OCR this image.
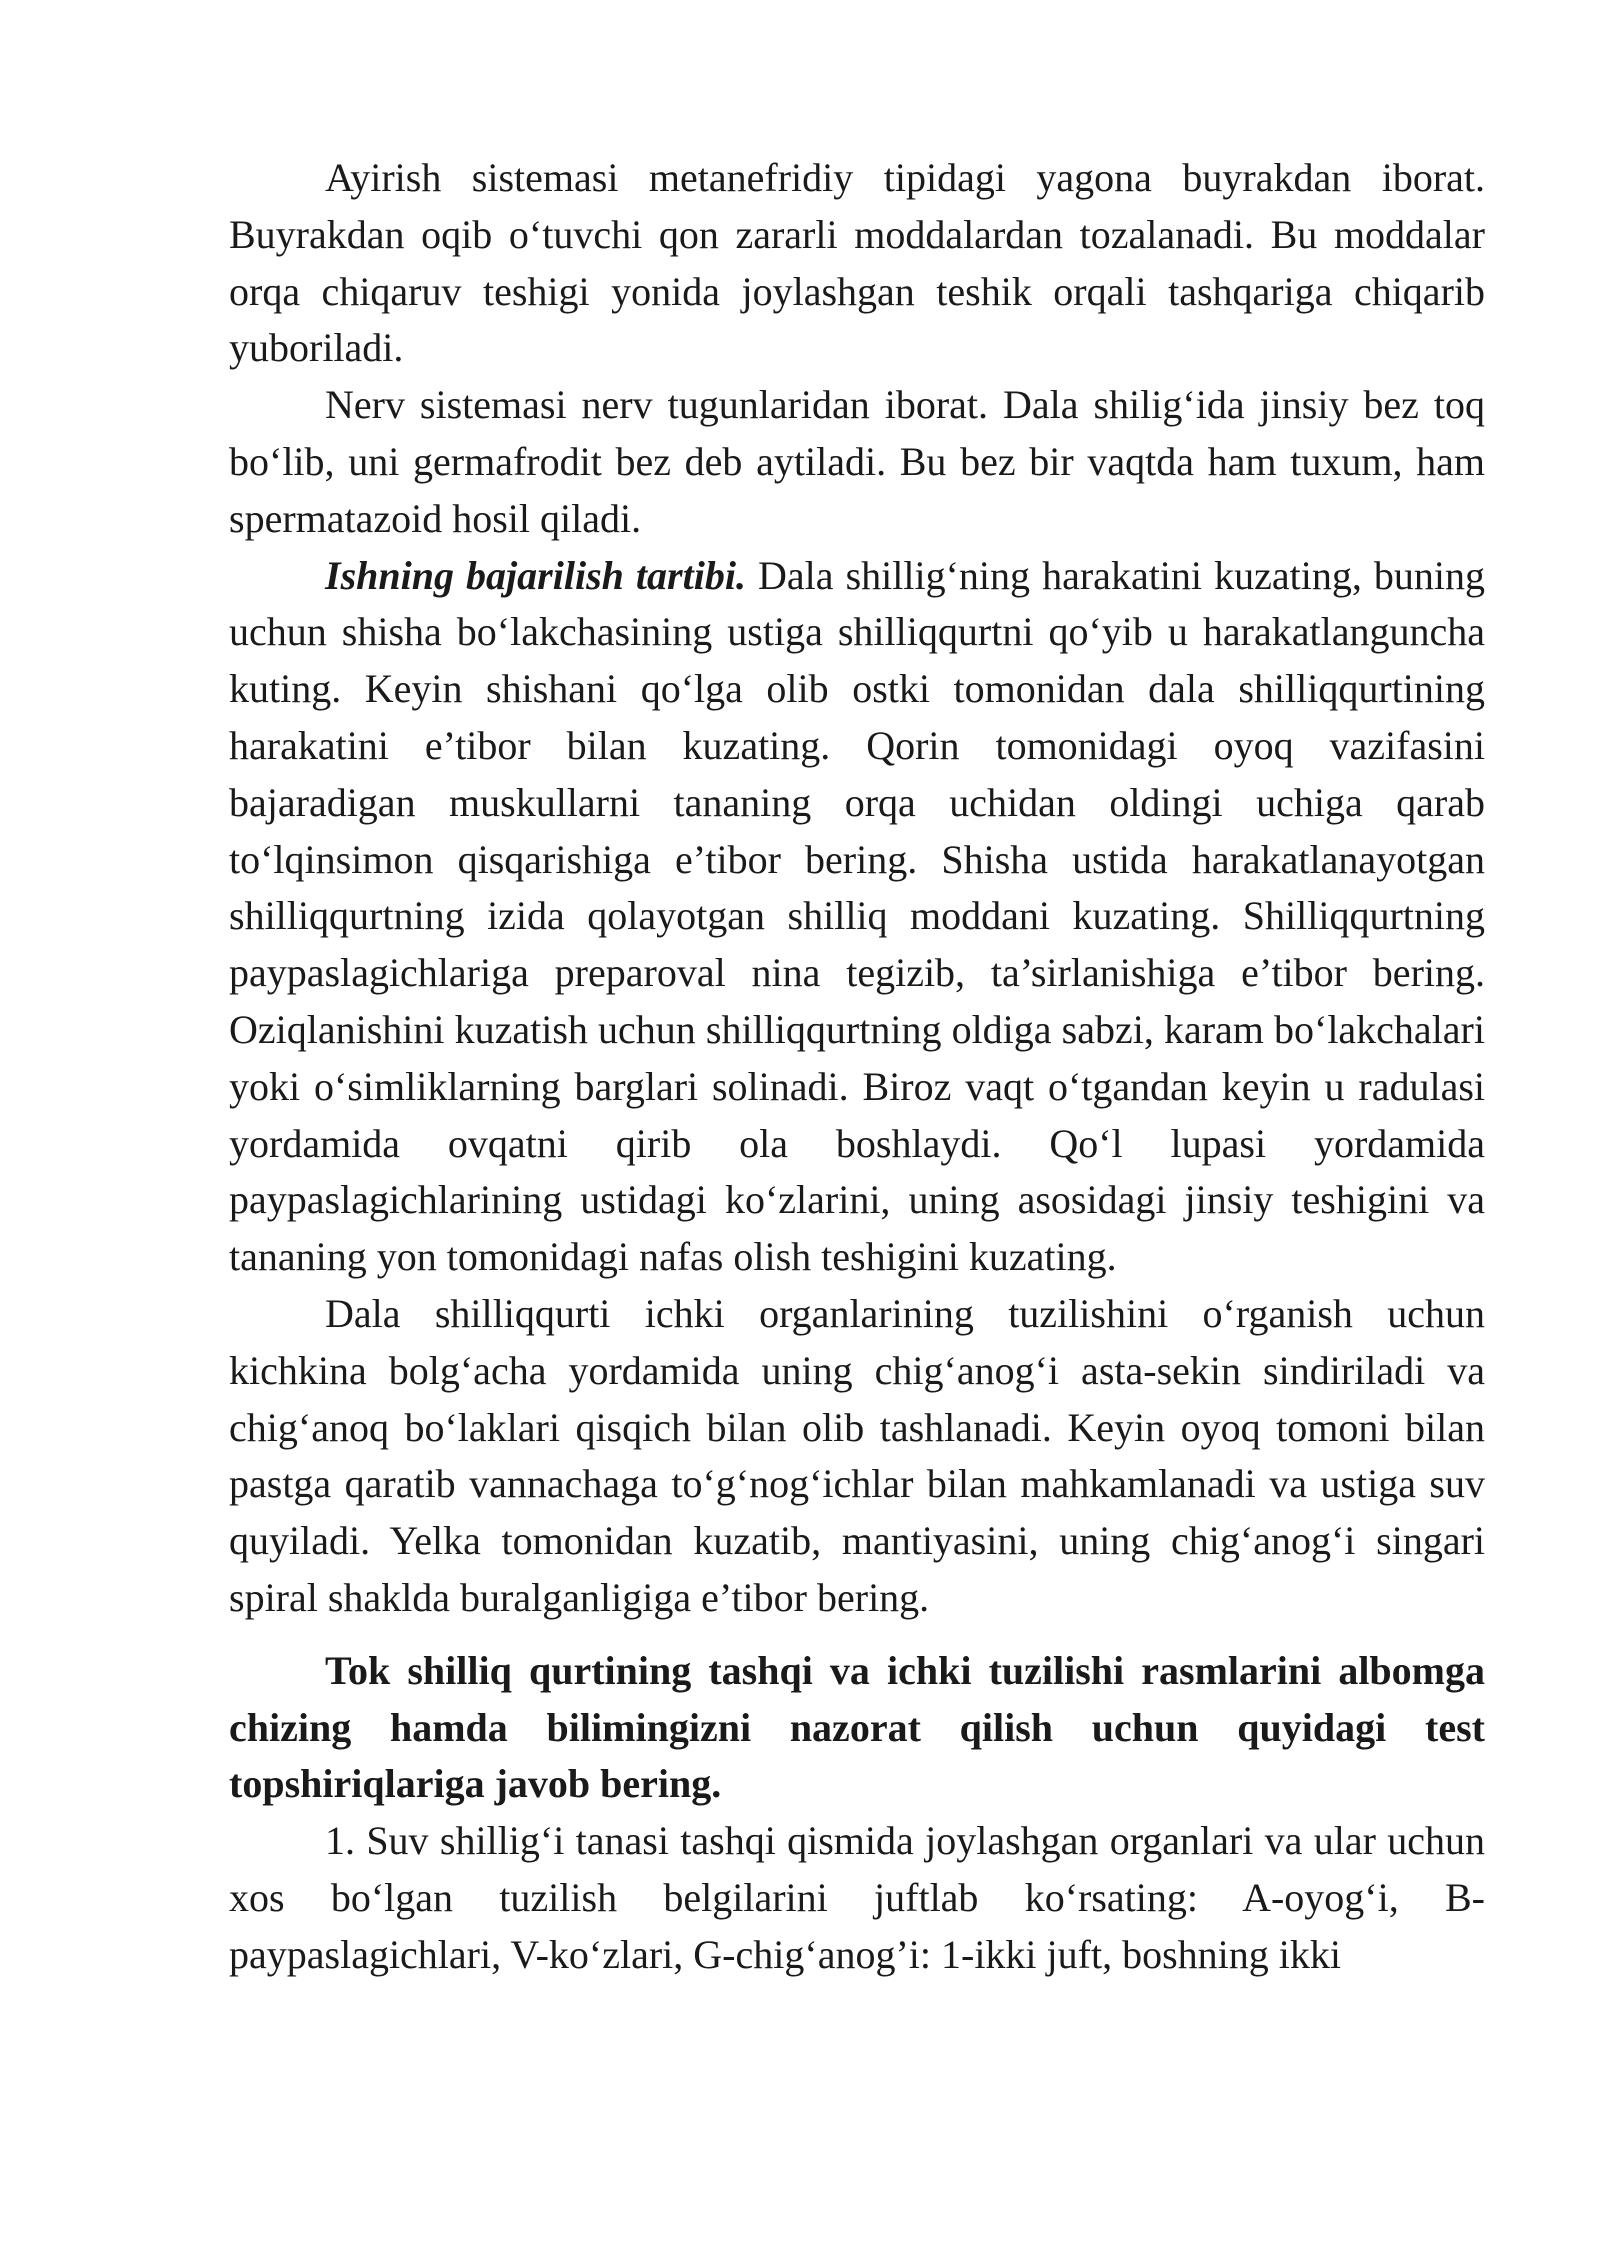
Ayirish sistemasi metanefridiy tipidagi yagona buyrakdan iborat. Buyrakdan oqib o‘tuvchi qon zararli moddalardan tozalanadi. Bu moddalar orqa chiqaruv teshigi yonida joylashgan teshik orqali tashqariga chiqarib yuboriladi.

Nerv sistemasi nerv tugunlaridan iborat. Dala shilig‘ida jinsiy bez toq bo‘lib, uni germafrodit bez deb aytiladi. Bu bez bir vaqtda ham tuxum, ham spermatazoid hosil qiladi.

Ishning bajarilish tartibi. Dala shillig‘ning harakatini kuzating, buning uchun shisha bo‘lakchasining ustiga shilliqqurtni qo‘yib u harakatlanguncha kuting. Keyin shishani qo‘lga olib ostki tomonidan dala shilliqqurtining harakatini e’tibor bilan kuzating. Qorin tomonidagi oyoq vazifasini bajaradigan muskullarni tananing orqa uchidan oldingi uchiga qarab to‘lqinsimon qisqarishiga e’tibor bering. Shisha ustida harakatlanayotgan shilliqqurtning izida qolayotgan shilliq moddani kuzating. Shilliqqurtning paypaslagichlariga preparoval nina tegizib, ta’sirlanishiga e’tibor bering. Oziqlanishini kuzatish uchun shilliqqurtning oldiga sabzi, karam bo‘lakchalari yoki o‘simliklarning barglari solinadi. Biroz vaqt o‘tgandan keyin u radulasi yordamida ovqatni qirib ola boshlaydi. Qo‘l lupasi yordamida paypaslagichlarining ustidagi ko‘zlarini, uning asosidagi jinsiy teshigini va tananing yon tomonidagi nafas olish teshigini kuzating.

Dala shilliqqurti ichki organlarining tuzilishini o‘rganish uchun kichkina bolg‘acha yordamida uning chig‘anog‘i asta-sekin sindiriladi va chig‘anoq bo‘laklari qisqich bilan olib tashlanadi. Keyin oyoq tomoni bilan pastga qaratib vannachaga to‘g‘nog‘ichlar bilan mahkamlanadi va ustiga suv quyiladi. Yelka tomonidan kuzatib, mantiyasini, uning chig‘anog‘i singari spiral shaklda buralganligiga e’tibor bering.

Tok shilliq qurtining tashqi va ichki tuzilishi rasmlarini albomga chizing hamda bilimingizni nazorat qilish uchun quyidagi test topshiriqlariga javob bering.

1. Suv shillig‘i tanasi tashqi qismida joylashgan organlari va ular uchun xos bo‘lgan tuzilish belgilarini juftlab ko‘rsating: A-oyog‘i, B-paypaslagichlari, V-ko‘zlari, G-chig‘anog’i: 1-ikki juft, boshning ikki
